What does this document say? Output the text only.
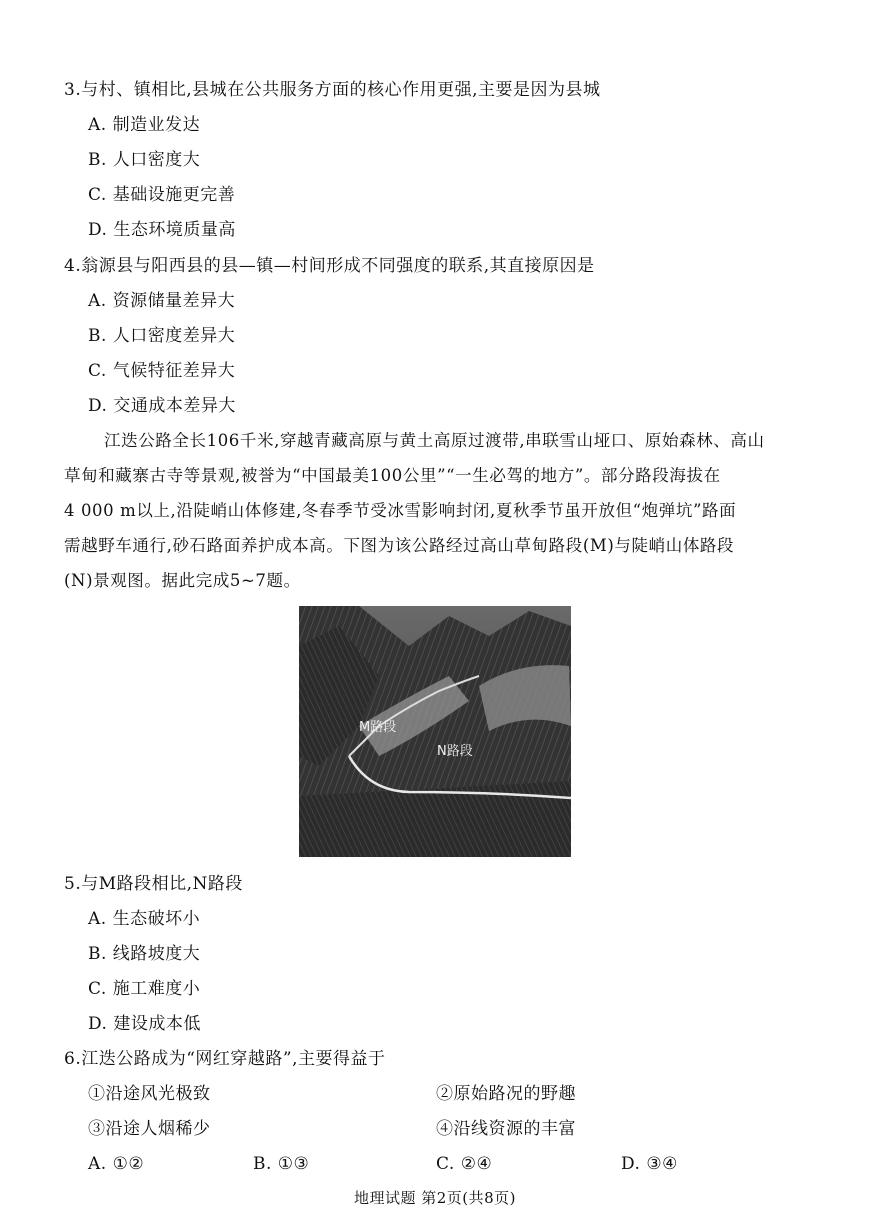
3.与村、镇相比,县城在公共服务方面的核心作用更强,主要是因为县城
A. 制造业发达
B. 人口密度大
C. 基础设施更完善
D. 生态环境质量高
4.翁源县与阳西县的县—镇—村间形成不同强度的联系,其直接原因是
A. 资源储量差异大
B. 人口密度差异大
C. 气候特征差异大
D. 交通成本差异大
江迭公路全长106千米,穿越青藏高原与黄土高原过渡带,串联雪山垭口、原始森林、高山
草甸和藏寨古寺等景观,被誉为“中国最美100公里”“一生必驾的地方”。部分路段海拔在
4 000 m以上,沿陡峭山体修建,冬春季节受冰雪影响封闭,夏秋季节虽开放但“炮弹坑”路面
需越野车通行,砂石路面养护成本高。下图为该公路经过高山草甸路段(M)与陡峭山体路段
(N)景观图。据此完成5~7题。
M路段
N路段
5.与M路段相比,N路段
A. 生态破坏小
B. 线路坡度大
C. 施工难度小
D. 建设成本低
6.江迭公路成为“网红穿越路”,主要得益于
①沿途风光极致	②原始路况的野趣
③沿途人烟稀少	④沿线资源的丰富
A. ①②	B. ①③	C. ②④	D. ③④
地理试题 第2页(共8页)
